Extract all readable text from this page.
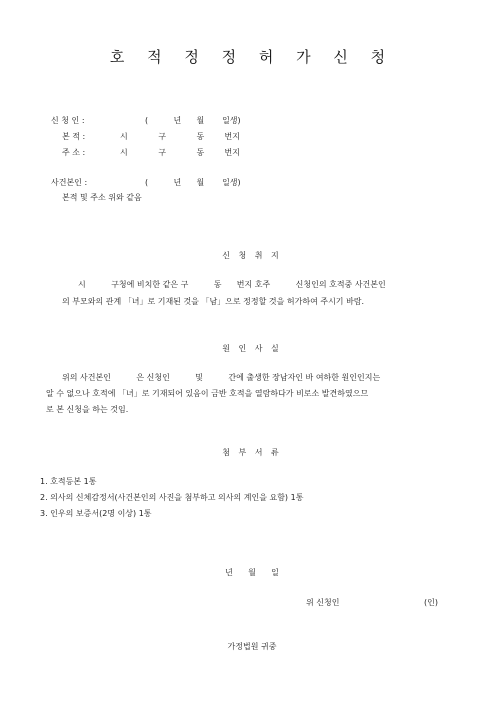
호 적 정 정 허 가 신 청
신 청 인 :	(          년      월       일생)
본 적 :	시            구            동        번지
주 소 :	시            구            동        번지
사건본인 :	(          년      월       일생)
본적 및 주소 위와 같음
신 청 취 지
시          구청에 비치한 같은 구          동      번지 호주          신청인의 호적중 사건본인
의 부모와의 관계 「녀」로 기재된 것을 「남」으로 정정할 것을 허가하여 주시기 바람.
원 인 사 실
위의 사건본인          은 신청인          및          간에 출생한 장남자인 바 여하한 원인인지는
알 수 없으나 호적에 「녀」로 기재되어 있음이 금반 호적을 열람하다가 비로소 발견하였으므
로 본 신청을 하는 것임.
첨 부 서 류
1. 호적등본 1통
2. 의사의 신체감정서(사건본인의 사진을 첨부하고 의사의 계인을 요함) 1통
3. 인우의 보증서(2명 이상) 1통
년      월      일
위 신청인	(인)
가정법원 귀중
